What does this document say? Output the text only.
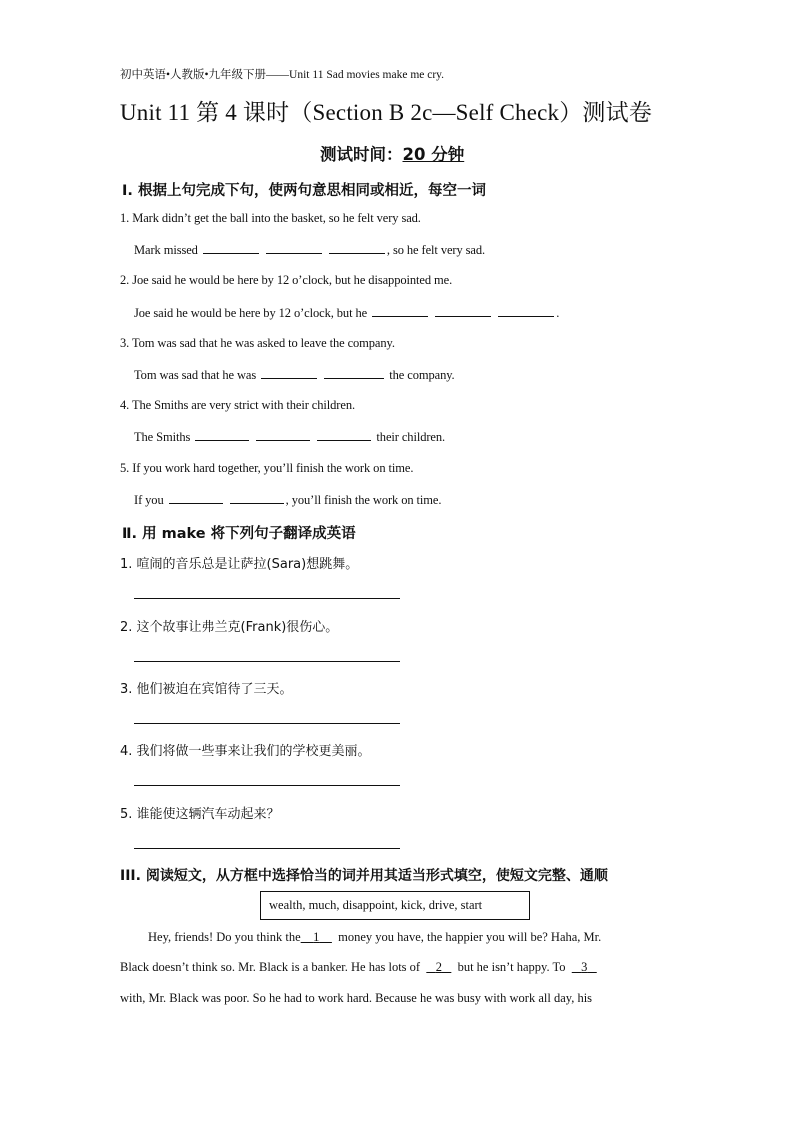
初中英语•人教版•九年级下册——Unit 11 Sad movies make me cry.
Unit 11 第 4 课时（Section B 2c—Self Check）测试卷
测试时间：20 分钟
Ⅰ. 根据上句完成下句，使两句意思相同或相近，每空一词
1. Mark didn’t get the ball into the basket, so he felt very sad.
Mark missed	, so he felt very sad.
2. Joe said he would be here by 12 o’clock, but he disappointed me.
Joe said he would be here by 12 o’clock, but he	.
3. Tom was sad that he was asked to leave the company.
Tom was sad that he was	the company.
4. The Smiths are very strict with their children.
The Smiths	their children.
5. If you work hard together, you’ll finish the work on time.
If you	, you’ll finish the work on time.
Ⅱ. 用 make 将下列句子翻译成英语
1. 喧闹的音乐总是让萨拉(Sara)想跳舞。
2. 这个故事让弗兰克(Frank)很伤心。
3. 他们被迫在宾馆待了三天。
4. 我们将做一些事来让我们的学校更美丽。
5. 谁能使这辆汽车动起来？
III. 阅读短文，从方框中选择恰当的词并用其适当形式填空，使短文完整、通顺
wealth, much, disappoint, kick, drive, start
Hey, friends! Do you think the 1 money you have, the happier you will be? Haha, Mr.
Black doesn’t think so. Mr. Black is a banker. He has lots of 2 but he isn’t happy. To 3
with, Mr. Black was poor. So he had to work hard. Because he was busy with work all day, his
